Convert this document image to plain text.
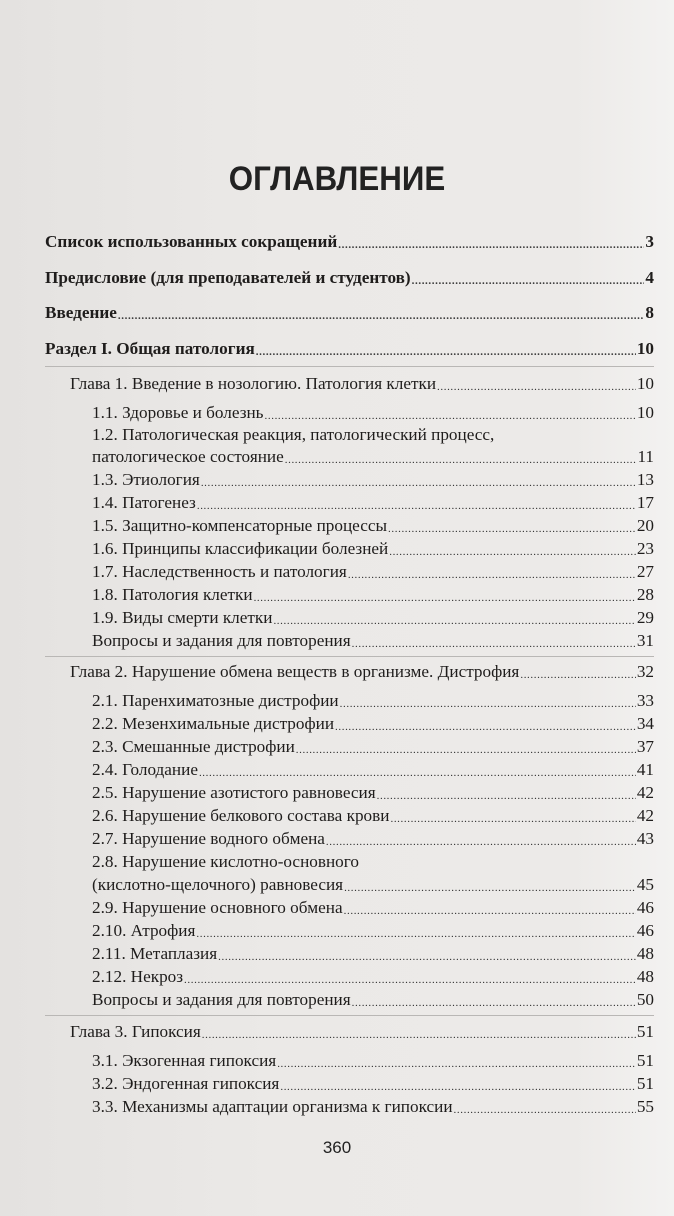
ОГЛАВЛЕНИЕ
Список использованных сокращений .....	3
Предисловие (для преподавателей и студентов) .....	4
Введение .....	8
Раздел I. Общая патология .....	10
Глава 1. Введение в нозологию. Патология клетки .....	10
1.1. Здоровье и болезнь .....	10
1.2. Патологическая реакция, патологический процесс,
патологическое состояние .....	11
1.3. Этиология .....	13
1.4. Патогенез .....	17
1.5. Защитно-компенсаторные процессы .....	20
1.6. Принципы классификации болезней .....	23
1.7. Наследственность и патология .....	27
1.8. Патология клетки .....	28
1.9. Виды смерти клетки .....	29
Вопросы и задания для повторения .....	31
Глава 2. Нарушение обмена веществ в организме. Дистрофия .....	32
2.1. Паренхиматозные дистрофии .....	33
2.2. Мезенхимальные дистрофии .....	34
2.3. Смешанные дистрофии .....	37
2.4. Голодание .....	41
2.5. Нарушение азотистого равновесия .....	42
2.6. Нарушение белкового состава крови .....	42
2.7. Нарушение водного обмена .....	43
2.8. Нарушение кислотно-основного
(кислотно-щелочного) равновесия .....	45
2.9. Нарушение основного обмена .....	46
2.10. Атрофия .....	46
2.11. Метаплазия .....	48
2.12. Некроз .....	48
Вопросы и задания для повторения .....	50
Глава 3. Гипоксия .....	51
3.1. Экзогенная гипоксия .....	51
3.2. Эндогенная гипоксия .....	51
3.3. Механизмы адаптации организма к гипоксии .....	55
360
